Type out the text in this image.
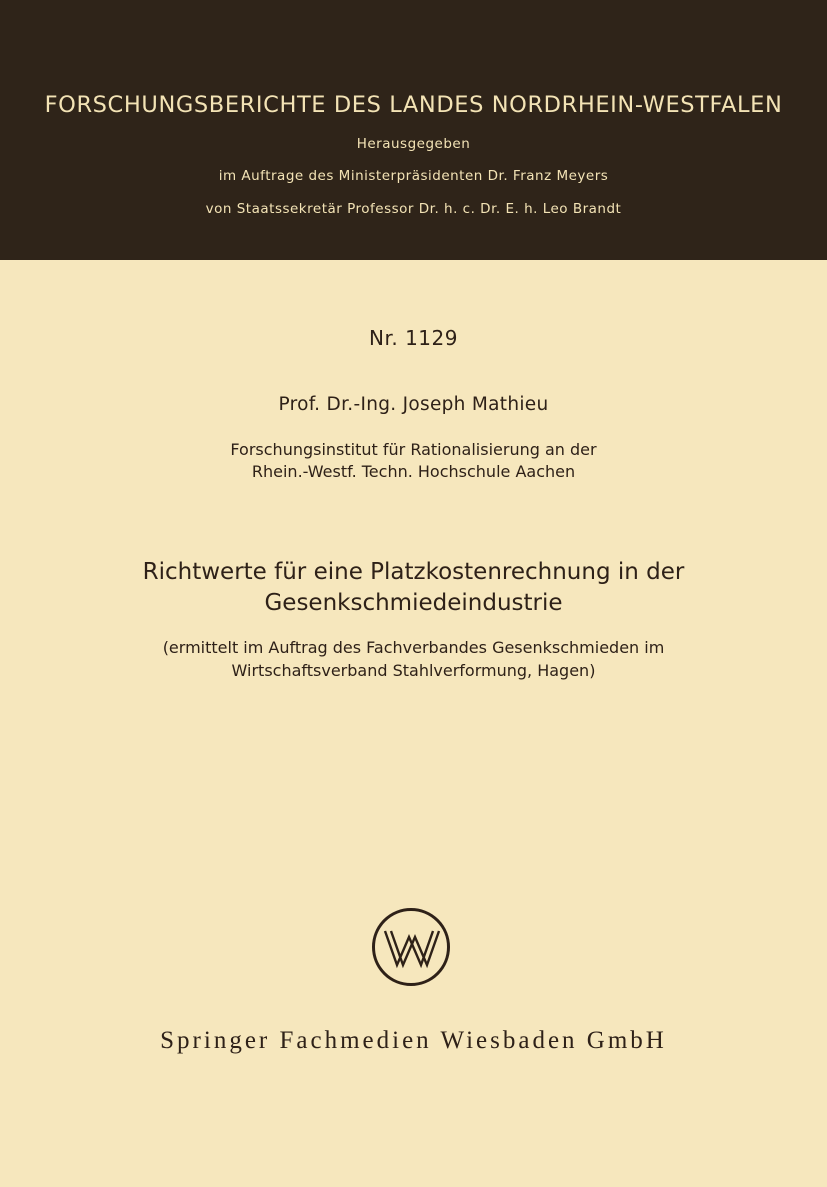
FORSCHUNGSBERICHTE DES LANDES NORDRHEIN-WESTFALEN
Herausgegeben
im Auftrage des Ministerpräsidenten Dr. Franz Meyers
von Staatssekretär Professor Dr. h. c. Dr. E. h. Leo Brandt
Nr. 1129
Prof. Dr.-Ing. Joseph Mathieu
Forschungsinstitut für Rationalisierung an der
Rhein.-Westf. Techn. Hochschule Aachen
Richtwerte für eine Platzkostenrechnung in der
Gesenkschmiedeindustrie
(ermittelt im Auftrag des Fachverbandes Gesenkschmieden im
Wirtschaftsverband Stahlverformung, Hagen)
Springer Fachmedien Wiesbaden GmbH
